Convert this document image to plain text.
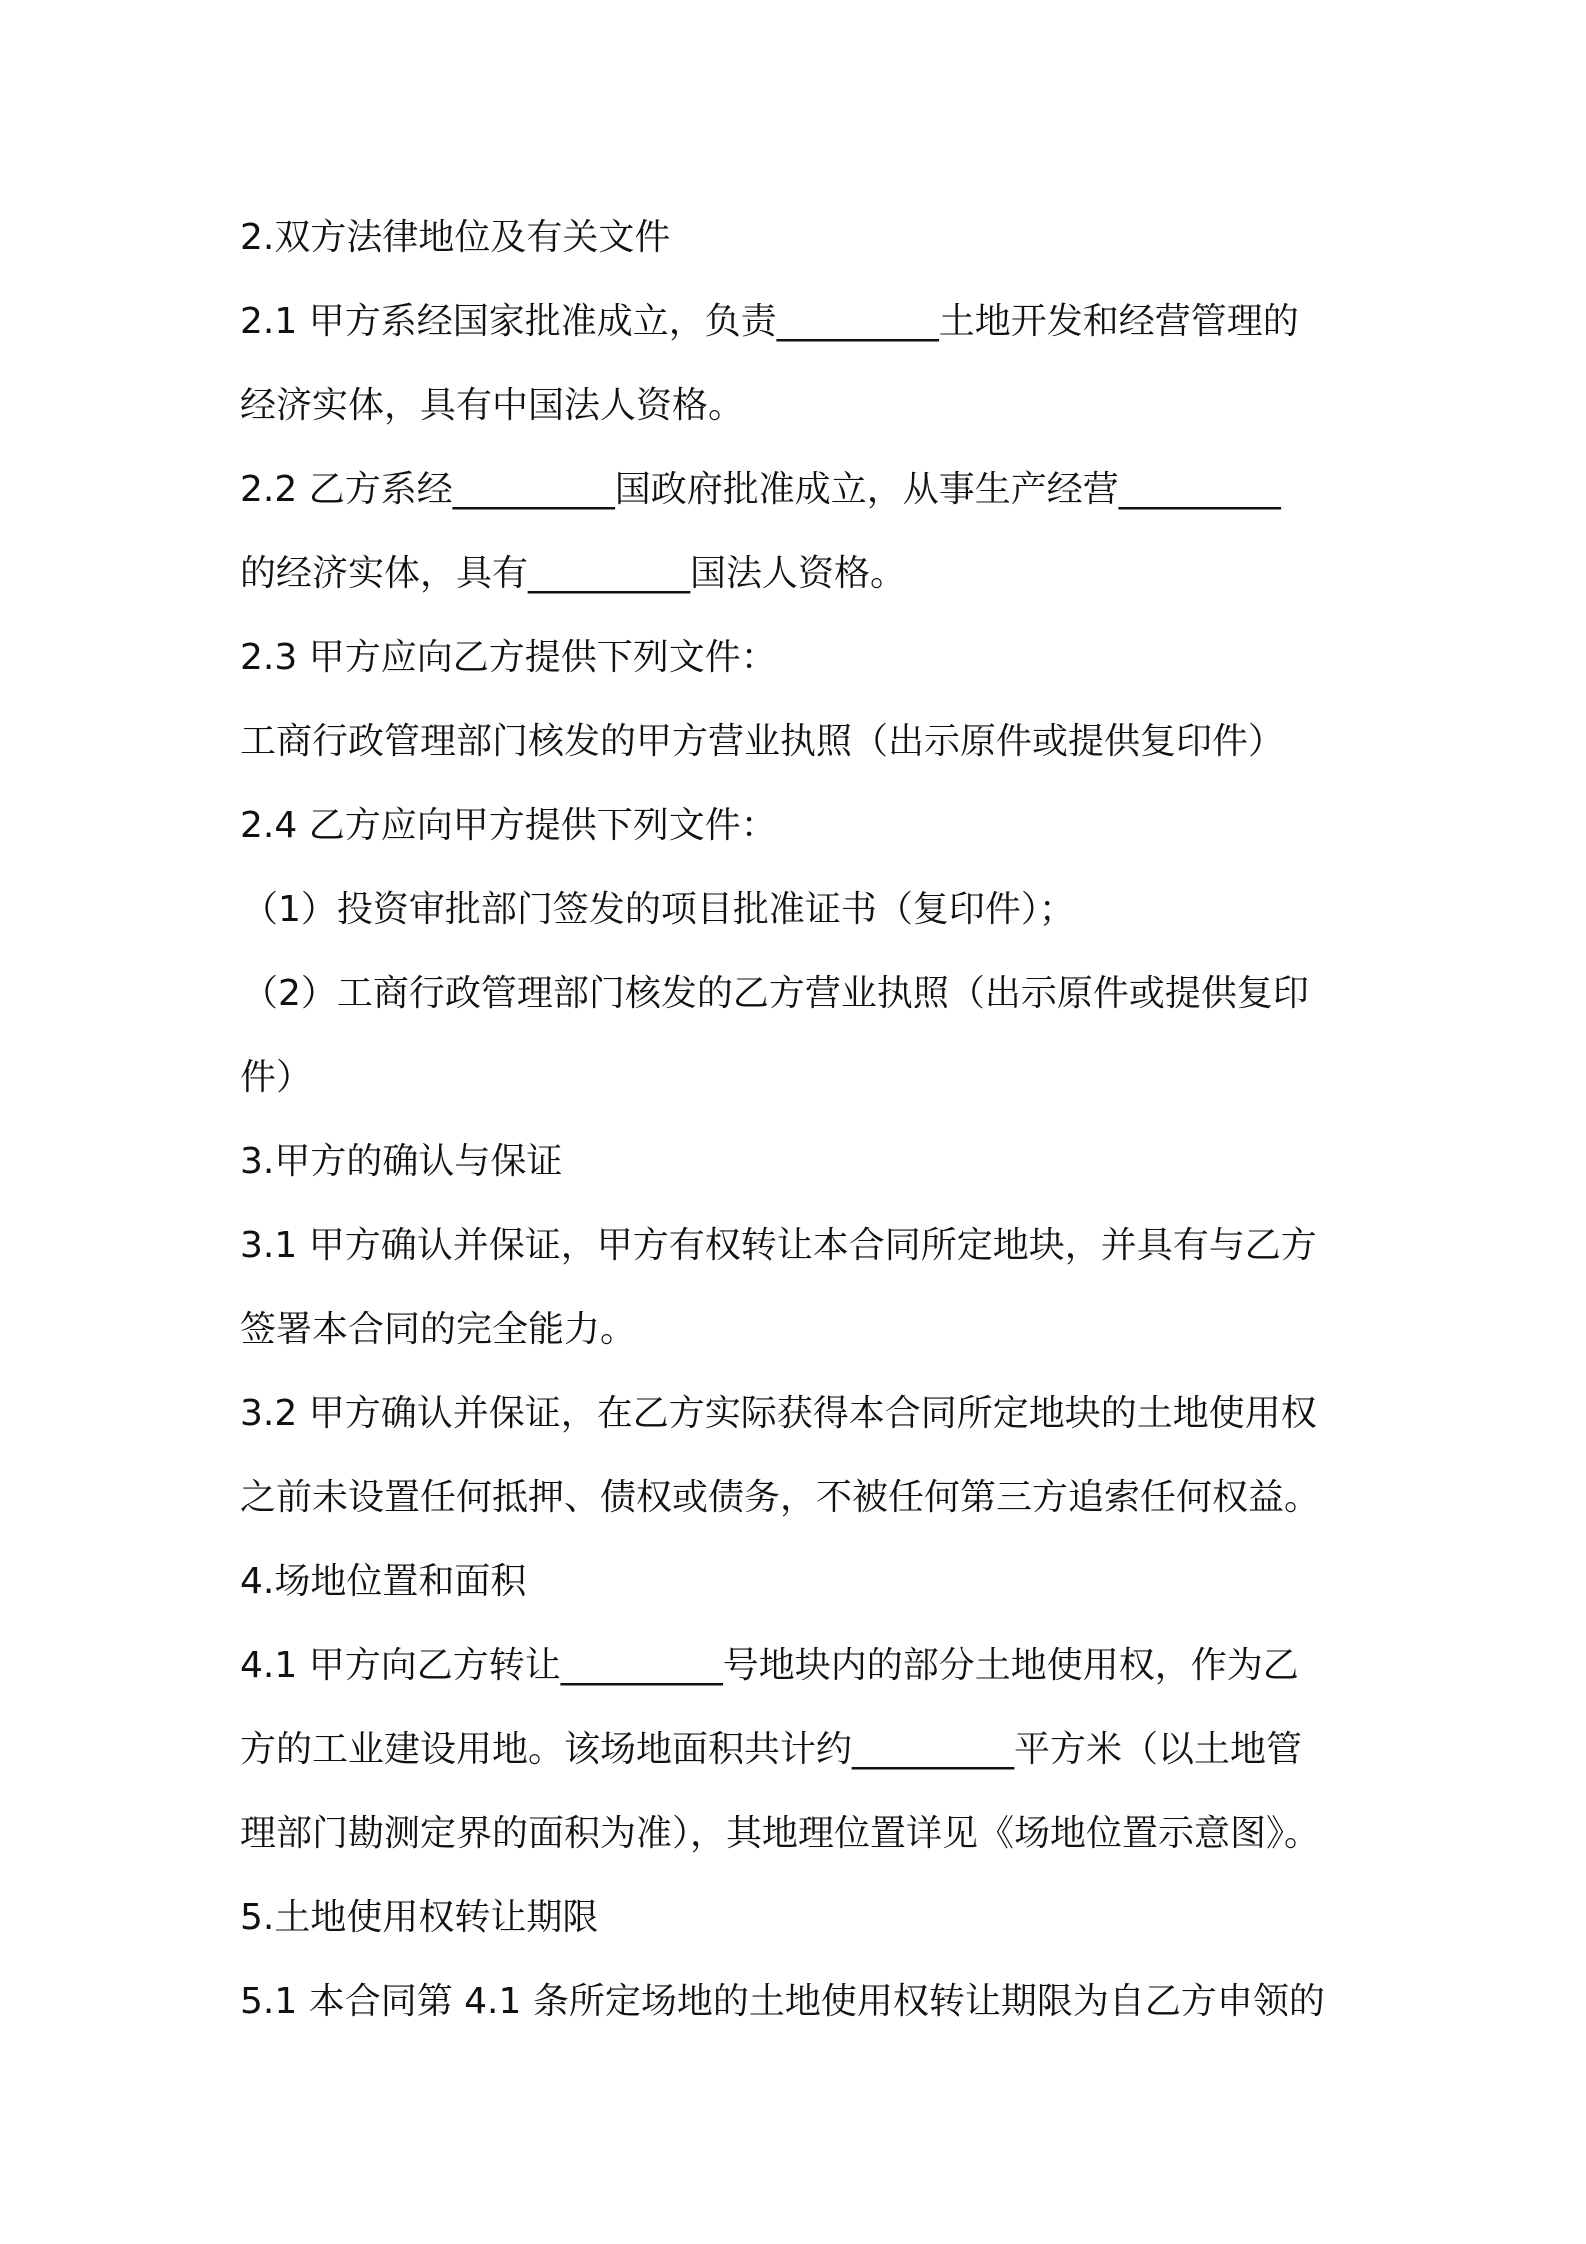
2.双方法律地位及有关文件
2.1 甲方系经国家批准成立，负责_________土地开发和经营管理的
经济实体，具有中国法人资格。
2.2 乙方系经_________国政府批准成立，从事生产经营_________
的经济实体，具有_________国法人资格。
2.3 甲方应向乙方提供下列文件：
工商行政管理部门核发的甲方营业执照（出示原件或提供复印件）
2.4 乙方应向甲方提供下列文件：
（1）投资审批部门签发的项目批准证书（复印件）；
（2）工商行政管理部门核发的乙方营业执照（出示原件或提供复印
件）
3.甲方的确认与保证
3.1 甲方确认并保证，甲方有权转让本合同所定地块，并具有与乙方
签署本合同的完全能力。
3.2 甲方确认并保证，在乙方实际获得本合同所定地块的土地使用权
之前未设置任何抵押、债权或债务，不被任何第三方追索任何权益。
4.场地位置和面积
4.1 甲方向乙方转让_________号地块内的部分土地使用权，作为乙
方的工业建设用地。该场地面积共计约_________平方米（以土地管
理部门勘测定界的面积为准），其地理位置详见《场地位置示意图》。
5.土地使用权转让期限
5.1 本合同第 4.1 条所定场地的土地使用权转让期限为自乙方申领的
